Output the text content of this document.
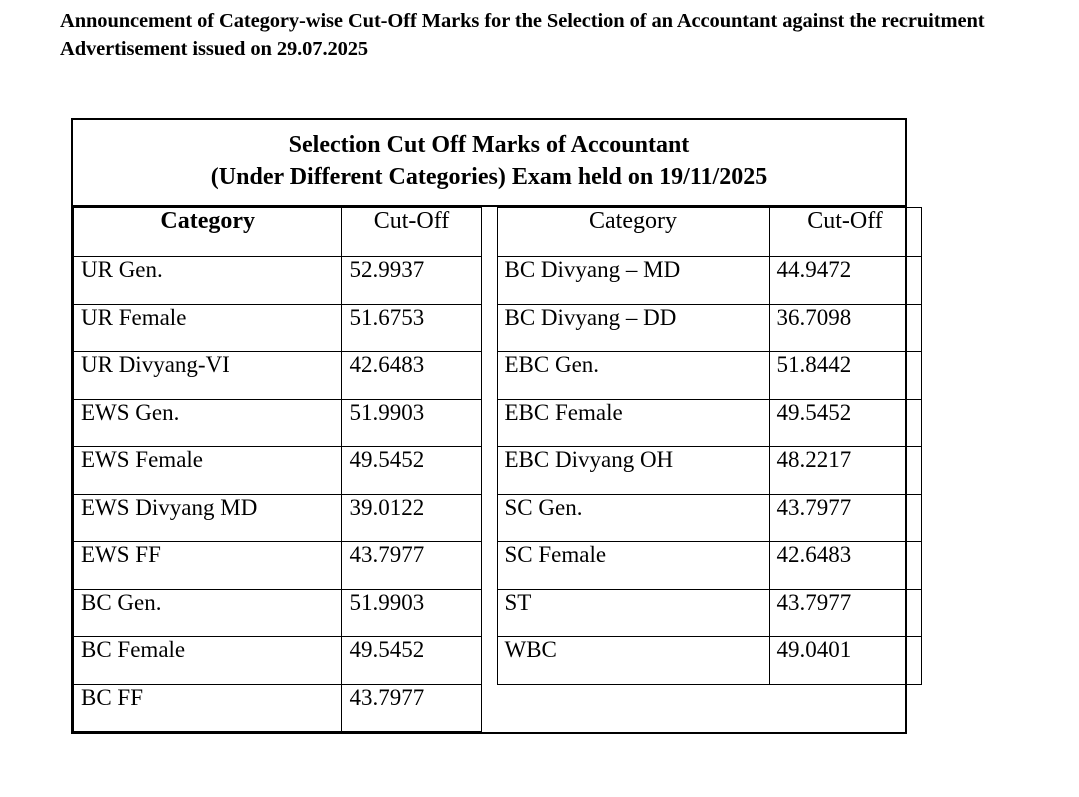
Announcement of Category-wise Cut-Off Marks for the Selection of an Accountant against the recruitment Advertisement issued on 29.07.2025
Selection Cut Off Marks of Accountant
(Under Different Categories) Exam held on 19/11/2025
Category	Cut-Off
UR Gen.	52.9937
UR Female	51.6753
UR Divyang-VI	42.6483
EWS Gen.	51.9903
EWS Female	49.5452
EWS Divyang MD	39.0122
EWS FF	43.7977
BC Gen.	51.9903
BC Female	49.5452
BC FF	43.7977

Category	Cut-Off
BC Divyang – MD	44.9472
BC Divyang – DD	36.7098
EBC Gen.	51.8442
EBC Female	49.5452
EBC Divyang OH	48.2217
SC Gen.	43.7977
SC Female	42.6483
ST	43.7977
WBC	49.0401
